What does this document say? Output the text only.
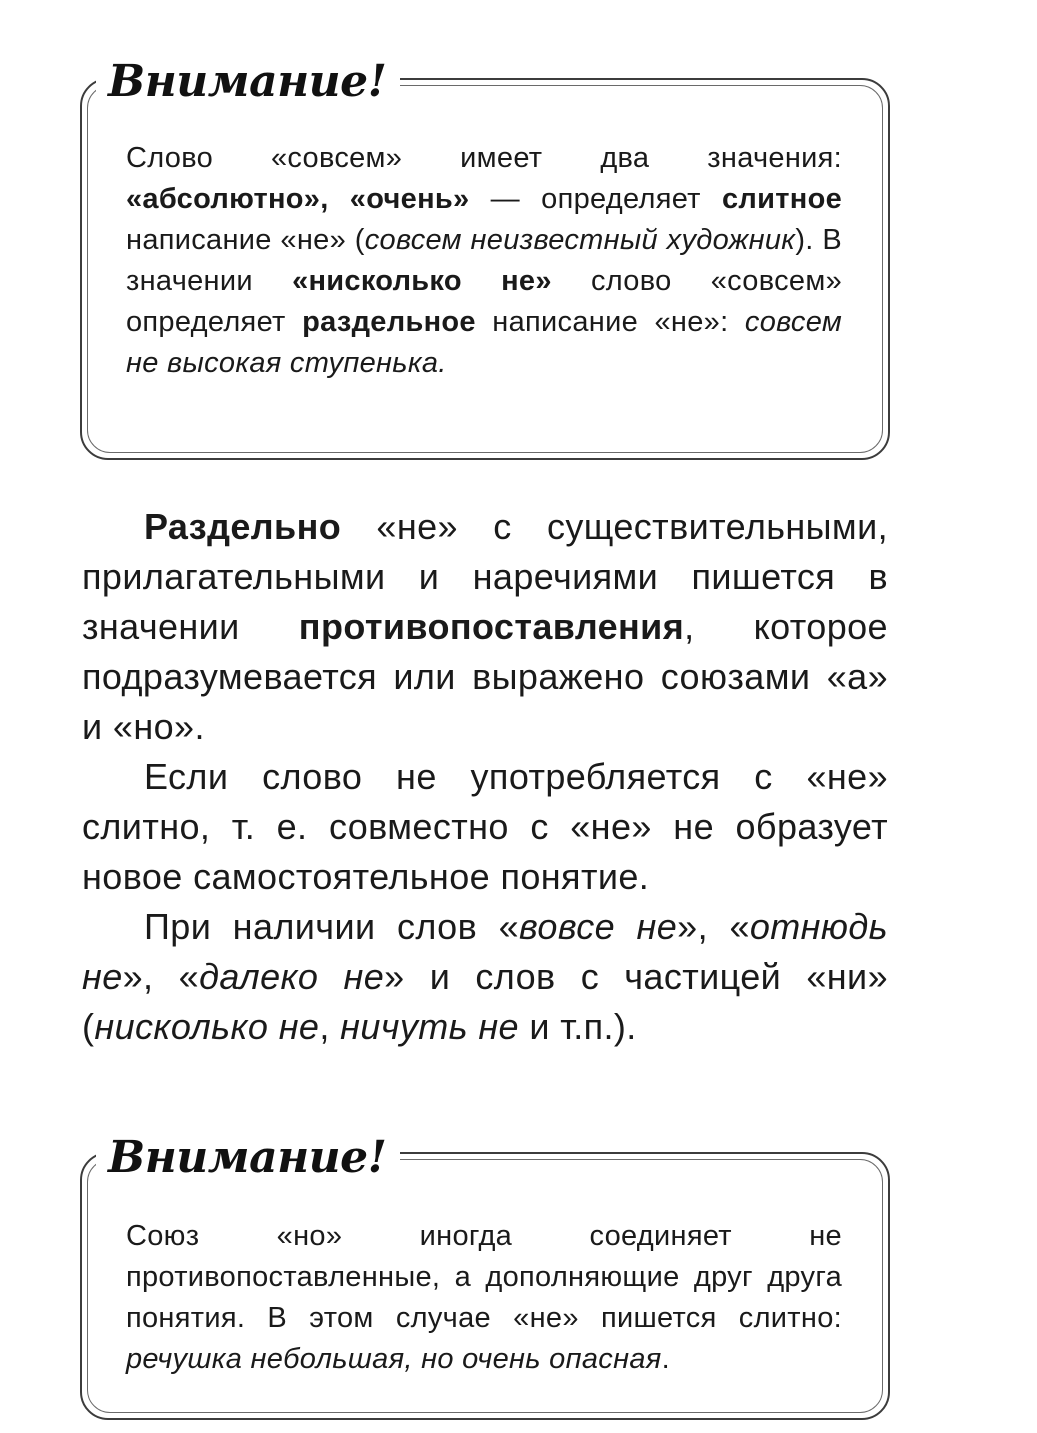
Внимание!
Слово «совсем» имеет два значения: «абсолютно», «очень» — определяет слитное написание «не» (совсем неизвестный художник). В значении «нисколько не» слово «совсем» определяет раздельное написание «не»: совсем не высокая ступенька.

Раздельно «не» с существительными, прилагательными и наречиями пишется в значении противопоставления, которое подразумевается или выражено союзами «а» и «но».

Если слово не употребляется с «не» слитно, т. е. совместно с «не» не образует новое самостоятельное понятие.

При наличии слов «вовсе не», «отнюдь не», «далеко не» и слов с частицей «ни» (нисколько не, ничуть не и т.п.).

Внимание!
Союз «но» иногда соединяет не противопоставленные, а дополняющие друг друга понятия. В этом случае «не» пишется слитно: речушка небольшая, но очень опасная.
